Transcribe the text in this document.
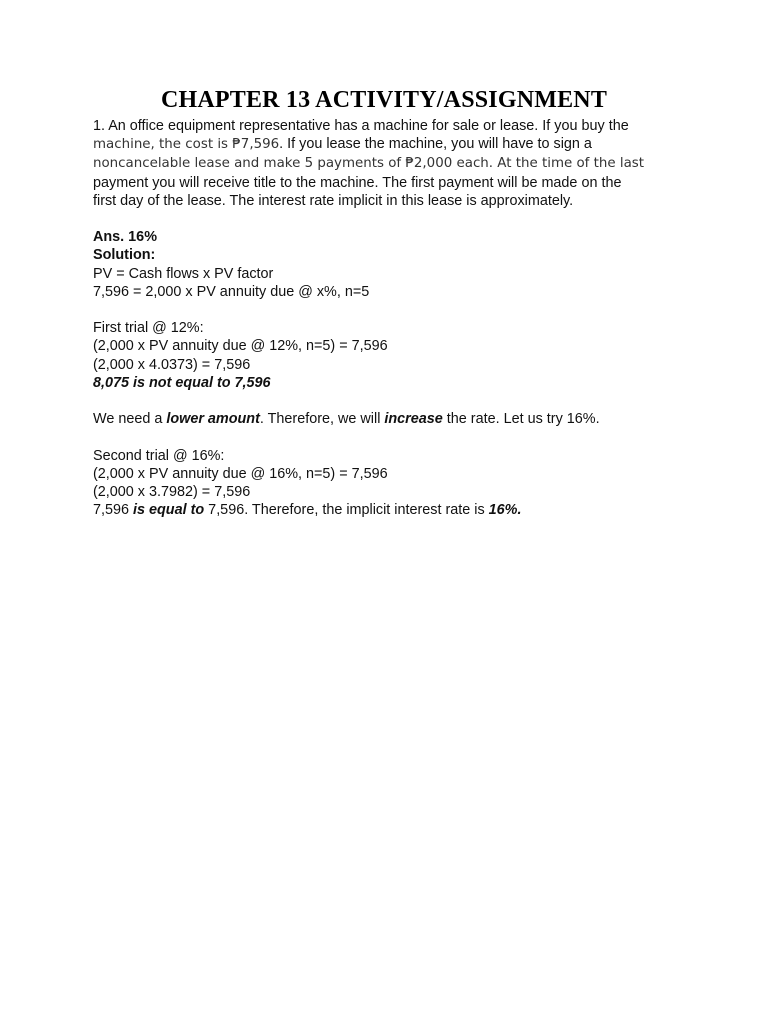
CHAPTER 13 ACTIVITY/ASSIGNMENT

1. An office equipment representative has a machine for sale or lease. If you buy the

machine, the cost is ₱7,596. If you lease the machine, you will have to sign a

noncancelable lease and make 5 payments of ₱2,000 each. At the time of the last

payment you will receive title to the machine. The first payment will be made on the

first day of the lease. The interest rate implicit in this lease is approximately.

Ans. 16%

Solution:

PV = Cash flows x PV factor

7,596 = 2,000 x PV annuity due @ x%, n=5

First trial @ 12%:

(2,000 x PV annuity due @ 12%, n=5) = 7,596

(2,000 x 4.0373) = 7,596

8,075 is not equal to 7,596

We need a lower amount. Therefore, we will increase the rate. Let us try 16%.

Second trial @ 16%:

(2,000 x PV annuity due @ 16%, n=5) = 7,596

(2,000 x 3.7982) = 7,596

7,596 is equal to 7,596. Therefore, the implicit interest rate is 16%.
